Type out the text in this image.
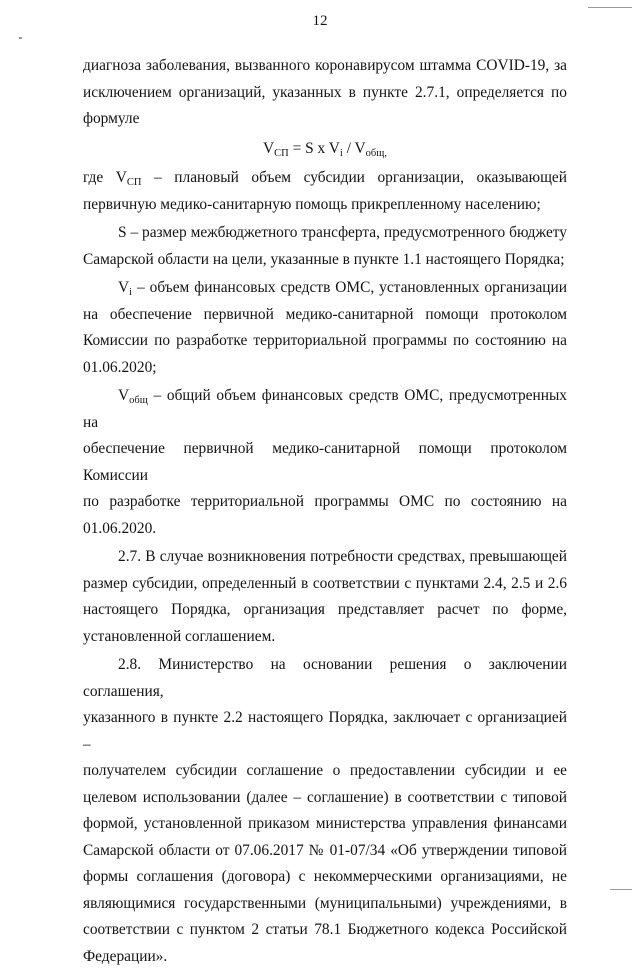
12

диагноза заболевания, вызванного коронавирусом штамма COVID-19, за

исключением организаций, указанных в пункте 2.7.1, определяется по

формуле

$V_{СП} = S$ x $V_i / V_{общ,}$

где $V_{СП}$ – плановый объем субсидии организации, оказывающей

первичную медико-санитарную помощь прикрепленному населению;

S – размер межбюджетного трансферта, предусмотренного бюджету

Самарской области на цели, указанные в пункте 1.1 настоящего Порядка;

$V_i$ – объем финансовых средств ОМС, установленных организации

на обеспечение первичной медико-санитарной помощи протоколом

Комиссии по разработке территориальной программы по состоянию на

01.06.2020;

$V_{общ}$ – общий объем финансовых средств ОМС, предусмотренных на

обеспечение первичной медико-санитарной помощи протоколом Комиссии

по разработке территориальной программы ОМС по состоянию на

01.06.2020.

2.7. В случае возникновения потребности средствах, превышающей

размер субсидии, определенный в соответствии с пунктами 2.4, 2.5 и 2.6

настоящего Порядка, организация представляет расчет по форме,

установленной соглашением.

2.8. Министерство на основании решения о заключении соглашения,

указанного в пункте 2.2 настоящего Порядка, заключает с организацией –

получателем субсидии соглашение о предоставлении субсидии и ее

целевом использовании (далее – соглашение) в соответствии с типовой

формой, установленной приказом министерства управления финансами

Самарской области от 07.06.2017 № 01-07/34 «Об утверждении типовой

формы соглашения (договора) с некоммерческими организациями, не

являющимися государственными (муниципальными) учреждениями, в

соответствии с пунктом 2 статьи 78.1 Бюджетного кодекса Российской

Федерации».
